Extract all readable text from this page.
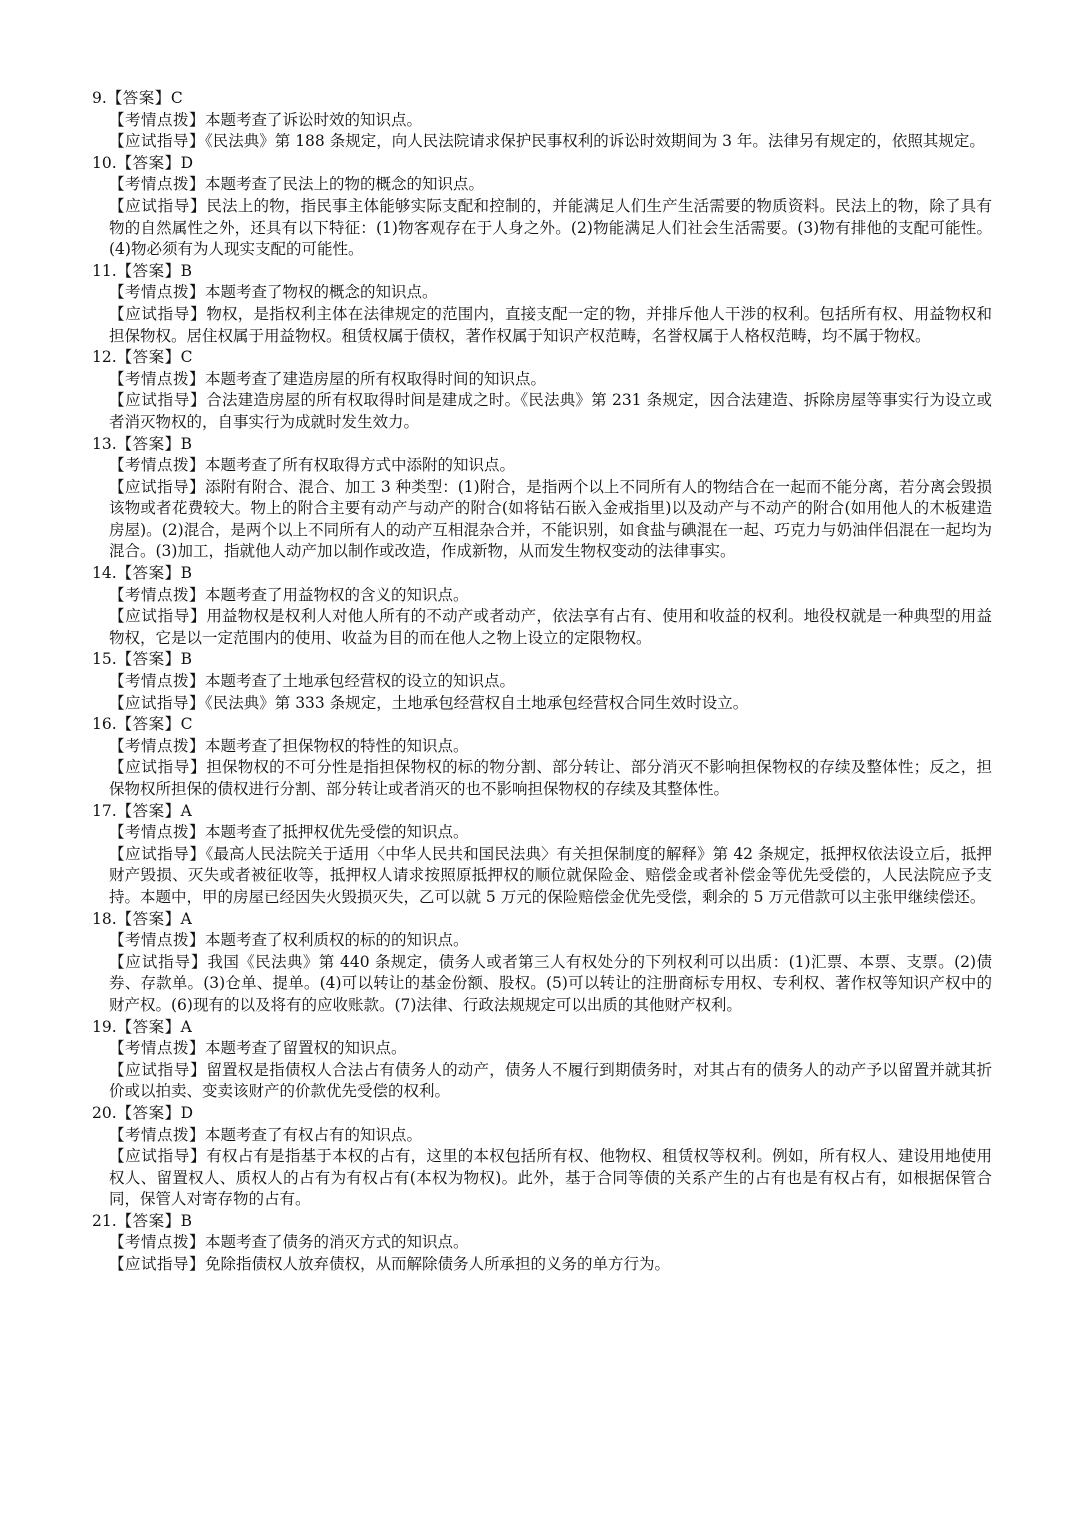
9.【答案】C

【考情点拨】本题考查了诉讼时效的知识点。

【应试指导】《民法典》第 188 条规定，向人民法院请求保护民事权利的诉讼时效期间为 3 年。法律另有规定的，依照其规定。

10.【答案】D

【考情点拨】本题考查了民法上的物的概念的知识点。

【应试指导】民法上的物，指民事主体能够实际支配和控制的，并能满足人们生产生活需要的物质资料。民法上的物，除了具有物的自然属性之外，还具有以下特征：(1)物客观存在于人身之外。(2)物能满足人们社会生活需要。(3)物有排他的支配可能性。(4)物必须有为人现实支配的可能性。

11.【答案】B

【考情点拨】本题考查了物权的概念的知识点。

【应试指导】物权，是指权利主体在法律规定的范围内，直接支配一定的物，并排斥他人干涉的权利。包括所有权、用益物权和担保物权。居住权属于用益物权。租赁权属于债权，著作权属于知识产权范畴，名誉权属于人格权范畴，均不属于物权。

12.【答案】C

【考情点拨】本题考查了建造房屋的所有权取得时间的知识点。

【应试指导】合法建造房屋的所有权取得时间是建成之时。《民法典》第 231 条规定，因合法建造、拆除房屋等事实行为设立或者消灭物权的，自事实行为成就时发生效力。

13.【答案】B

【考情点拨】本题考查了所有权取得方式中添附的知识点。

【应试指导】添附有附合、混合、加工 3 种类型：(1)附合，是指两个以上不同所有人的物结合在一起而不能分离，若分离会毁损该物或者花费较大。物上的附合主要有动产与动产的附合(如将钻石嵌入金戒指里)以及动产与不动产的附合(如用他人的木板建造房屋)。(2)混合，是两个以上不同所有人的动产互相混杂合并，不能识别，如食盐与碘混在一起、巧克力与奶油伴侣混在一起均为混合。(3)加工，指就他人动产加以制作或改造，作成新物，从而发生物权变动的法律事实。

14.【答案】B

【考情点拨】本题考查了用益物权的含义的知识点。

【应试指导】用益物权是权利人对他人所有的不动产或者动产，依法享有占有、使用和收益的权利。地役权就是一种典型的用益物权，它是以一定范围内的使用、收益为目的而在他人之物上设立的定限物权。

15.【答案】B

【考情点拨】本题考查了土地承包经营权的设立的知识点。

【应试指导】《民法典》第 333 条规定，土地承包经营权自土地承包经营权合同生效时设立。

16.【答案】C

【考情点拨】本题考查了担保物权的特性的知识点。

【应试指导】担保物权的不可分性是指担保物权的标的物分割、部分转让、部分消灭不影响担保物权的存续及整体性；反之，担保物权所担保的债权进行分割、部分转让或者消灭的也不影响担保物权的存续及其整体性。

17.【答案】A

【考情点拨】本题考查了抵押权优先受偿的知识点。

【应试指导】《最高人民法院关于适用〈中华人民共和国民法典〉有关担保制度的解释》第 42 条规定，抵押权依法设立后，抵押财产毁损、灭失或者被征收等，抵押权人请求按照原抵押权的顺位就保险金、赔偿金或者补偿金等优先受偿的，人民法院应予支持。本题中，甲的房屋已经因失火毁损灭失，乙可以就 5 万元的保险赔偿金优先受偿，剩余的 5 万元借款可以主张甲继续偿还。

18.【答案】A

【考情点拨】本题考查了权利质权的标的的知识点。

【应试指导】我国《民法典》第 440 条规定，债务人或者第三人有权处分的下列权利可以出质：(1)汇票、本票、支票。(2)债券、存款单。(3)仓单、提单。(4)可以转让的基金份额、股权。(5)可以转让的注册商标专用权、专利权、著作权等知识产权中的财产权。(6)现有的以及将有的应收账款。(7)法律、行政法规规定可以出质的其他财产权利。

19.【答案】A

【考情点拨】本题考查了留置权的知识点。

【应试指导】留置权是指债权人合法占有债务人的动产，债务人不履行到期债务时，对其占有的债务人的动产予以留置并就其折价或以拍卖、变卖该财产的价款优先受偿的权利。

20.【答案】D

【考情点拨】本题考查了有权占有的知识点。

【应试指导】有权占有是指基于本权的占有，这里的本权包括所有权、他物权、租赁权等权利。例如，所有权人、建设用地使用权人、留置权人、质权人的占有为有权占有(本权为物权)。此外，基于合同等债的关系产生的占有也是有权占有，如根据保管合同，保管人对寄存物的占有。

21.【答案】B

【考情点拨】本题考查了债务的消灭方式的知识点。

【应试指导】免除指债权人放弃债权，从而解除债务人所承担的义务的单方行为。
